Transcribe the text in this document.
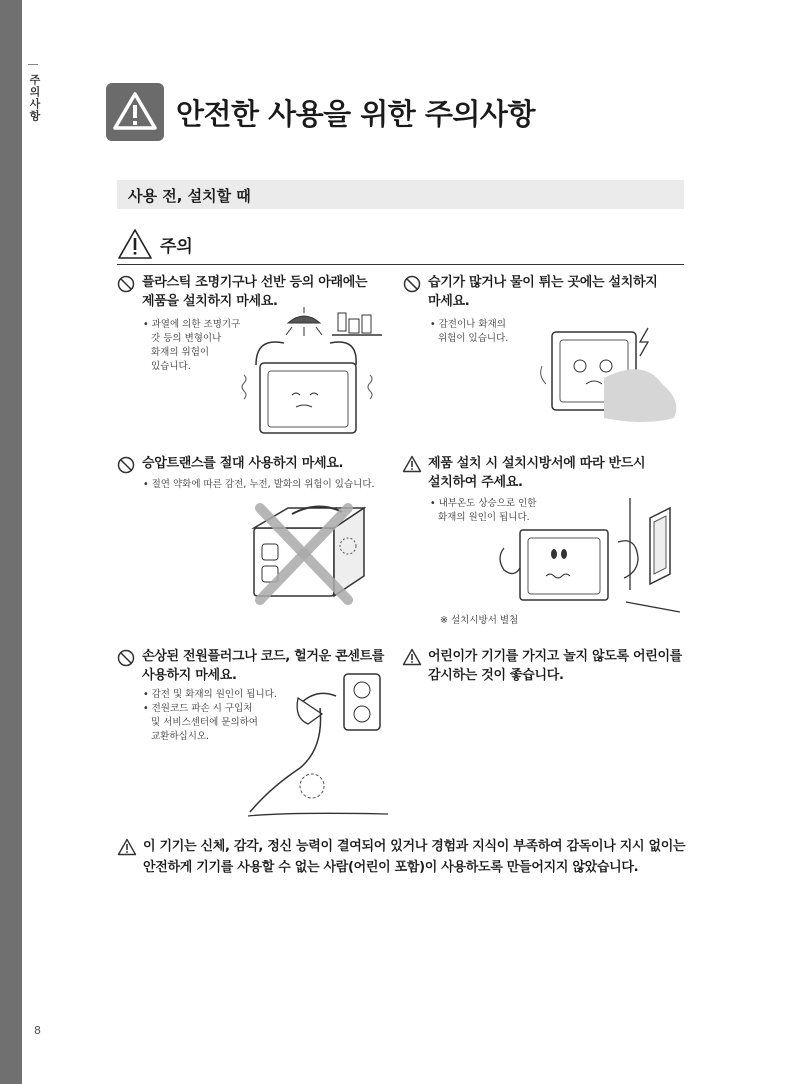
주의사항
8
안전한 사용을 위한 주의사항
사용 전, 설치할 때
주의

플라스틱 조명기구나 선반 등의 아래에는
제품을 설치하지 마세요.

• 과열에 의한 조명기구
갓 등의 변형이나
화재의 위험이
있습니다.

습기가 많거나 물이 튀는 곳에는 설치하지
마세요.

• 감전이나 화재의
위험이 있습니다.

승압트랜스를 절대 사용하지 마세요.

• 절연 약화에 따른 감전, 누전, 발화의 위험이 있습니다.

제품 설치 시 설치시방서에 따라 반드시
설치하여 주세요.

• 내부온도 상승으로 인한
화재의 원인이 됩니다.

※ 설치시방서 별첨

손상된 전원플러그나 코드, 헐거운 콘센트를
사용하지 마세요.

• 감전 및 화재의 원인이 됩니다.
• 전원코드 파손 시 구입처
및 서비스센터에 문의하여
교환하십시오.

어린이가 기기를 가지고 놀지 않도록 어린이를
감시하는 것이 좋습니다.

이 기기는 신체, 감각, 정신 능력이 결여되어 있거나 경험과 지식이 부족하여 감독이나 지시 없이는
안전하게 기기를 사용할 수 없는 사람(어린이 포함)이 사용하도록 만들어지지 않았습니다.
